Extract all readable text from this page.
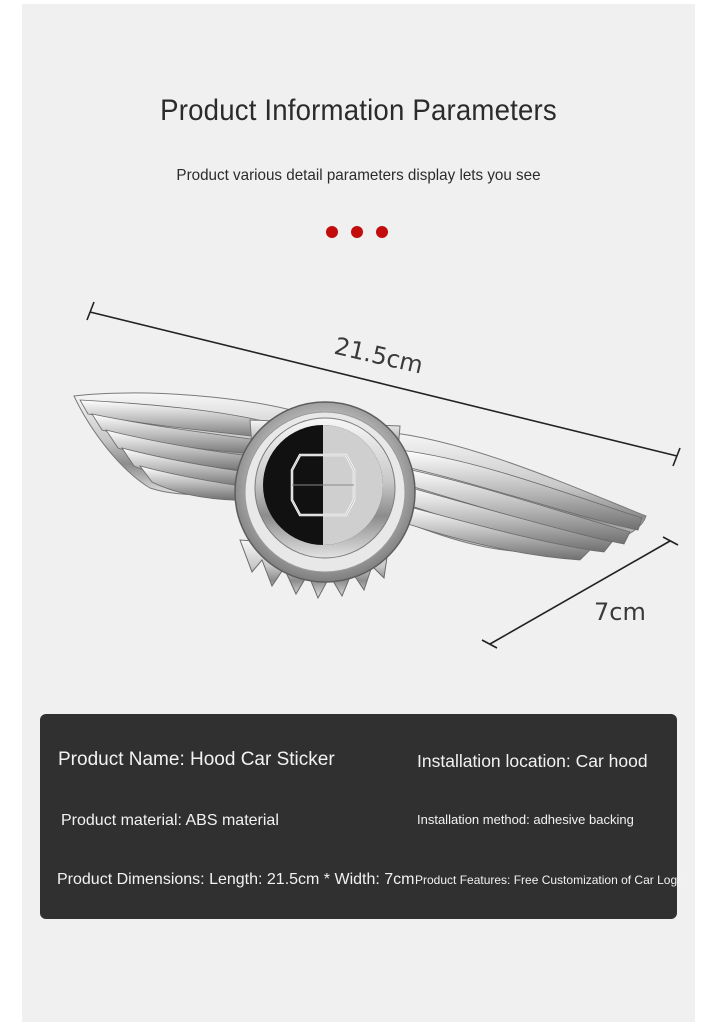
Product Information Parameters
Product various detail parameters display lets you see
21.5cm
7cm
Product Name: Hood Car Sticker	Installation location: Car hood
Product material: ABS material	Installation method: adhesive backing
Product Dimensions: Length: 21.5cm * Width: 7cm Product Features: Free Customization of Car Logos
